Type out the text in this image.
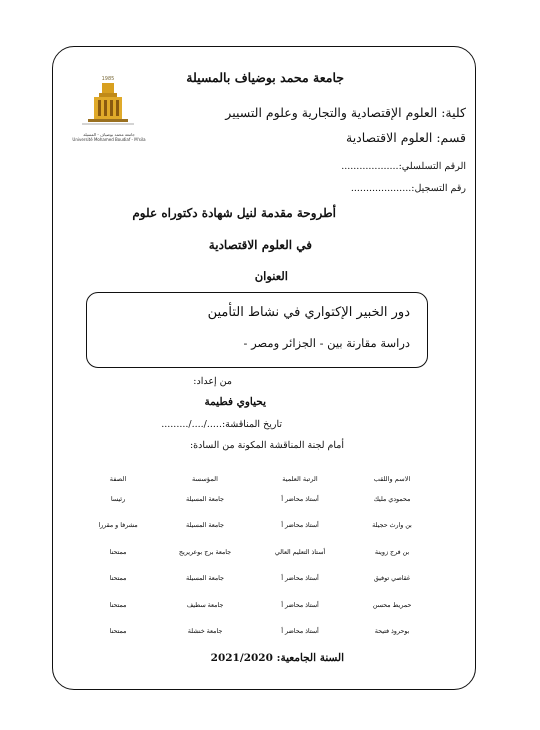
1985
جامعة محمد بوضياف - المسيلة
Université Mohamed Boudiaf - M'sila
جامعة محمد بوضياف بالمسيلة
كلية: العلوم الإقتصادية والتجارية وعلوم التسيير
قسم: العلوم الاقتصادية
الرقم التسلسلي:...................
رقم التسجيل:....................
أطروحة مقدمة لنيل شهادة دكتوراه علوم
في العلوم الاقتصادية
العنوان
دور الخبير الإكتواري في نشاط التأمين
دراسة مقارنة بين - الجزائر ومصر -
من إعداد:
يحياوي فطيمة
تاريخ المناقشة:...../..../.........
أمام لجنة المناقشة المكونة من السادة:
الاسم واللقب	الرتبة العلمية	المؤسسة	الصفة
محمودي مليك	أستاذ محاضر أ	جامعة المسيلة	رئيسا
بن وارث حجيلة	أستاذ محاضر أ	جامعة المسيلة	مشرفا و مقررا
بن فرج زوينة	أستاذ التعليم العالي	جامعة برج بوعريريج	ممتحنا
غقاصي توفيق	أستاذ محاضر أ	جامعة المسيلة	ممتحنا
حمريط محسن	أستاذ محاضر أ	جامعة سطيف	ممتحنا
بوحروذ فتيحة	أستاذ محاضر أ	جامعة خنشلة	ممتحنا
السنة الجامعية: 2021/2020
